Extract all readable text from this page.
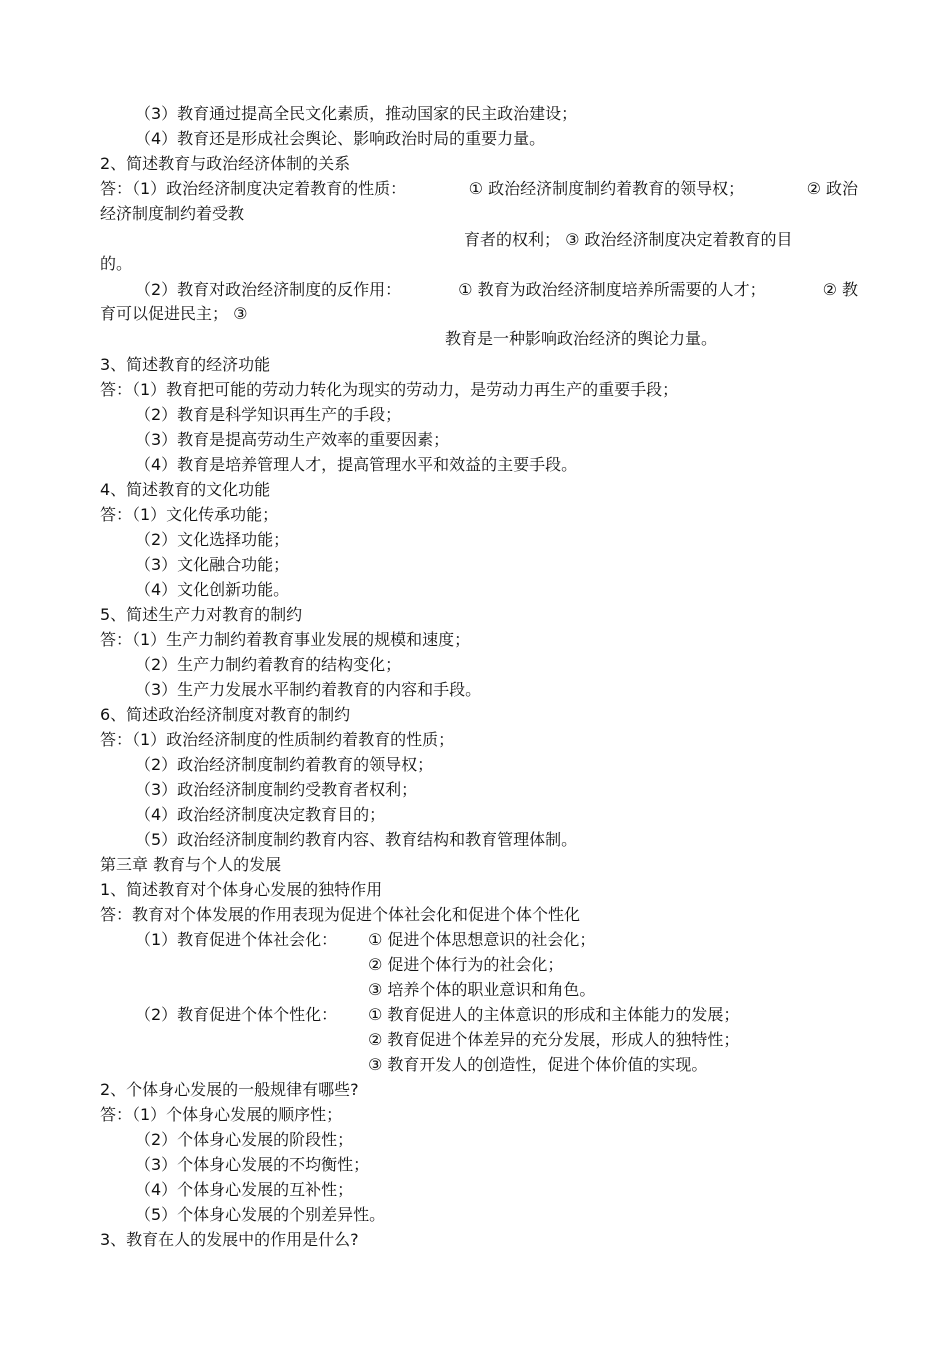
（3）教育通过提高全民文化素质，推动国家的民主政治建设；
（4）教育还是形成社会舆论、影响政治时局的重要力量。
2、简述教育与政治经济体制的关系
答：（1）政治经济制度决定着教育的性质：	① 政治经济制度制约着教育的领导权；	② 政治
经济制度制约着受教
育者的权利； ③ 政治经济制度决定着教育的目
的。
（2）教育对政治经济制度的反作用：	① 教育为政治经济制度培养所需要的人才；	② 教
育可以促进民主； ③
教育是一种影响政治经济的舆论力量。
3、简述教育的经济功能
答：（1）教育把可能的劳动力转化为现实的劳动力，是劳动力再生产的重要手段；
（2）教育是科学知识再生产的手段；
（3）教育是提高劳动生产效率的重要因素；
（4）教育是培养管理人才，提高管理水平和效益的主要手段。
4、简述教育的文化功能
答：（1）文化传承功能；
（2）文化选择功能；
（3）文化融合功能；
（4）文化创新功能。
5、简述生产力对教育的制约
答：（1）生产力制约着教育事业发展的规模和速度；
（2）生产力制约着教育的结构变化；
（3）生产力发展水平制约着教育的内容和手段。
6、简述政治经济制度对教育的制约
答：（1）政治经济制度的性质制约着教育的性质；
（2）政治经济制度制约着教育的领导权；
（3）政治经济制度制约受教育者权利；
（4）政治经济制度决定教育目的；
（5）政治经济制度制约教育内容、教育结构和教育管理体制。
第三章 教育与个人的发展
1、简述教育对个体身心发展的独特作用
答：教育对个体发展的作用表现为促进个体社会化和促进个体个性化
（1）教育促进个体社会化： ① 促进个体思想意识的社会化；
② 促进个体行为的社会化；
③ 培养个体的职业意识和角色。
（2）教育促进个体个性化： ① 教育促进人的主体意识的形成和主体能力的发展；
② 教育促进个体差异的充分发展，形成人的独特性；
③ 教育开发人的创造性，促进个体价值的实现。
2、个体身心发展的一般规律有哪些?
答：（1）个体身心发展的顺序性；
（2）个体身心发展的阶段性；
（3）个体身心发展的不均衡性；
（4）个体身心发展的互补性；
（5）个体身心发展的个别差异性。
3、教育在人的发展中的作用是什么?
